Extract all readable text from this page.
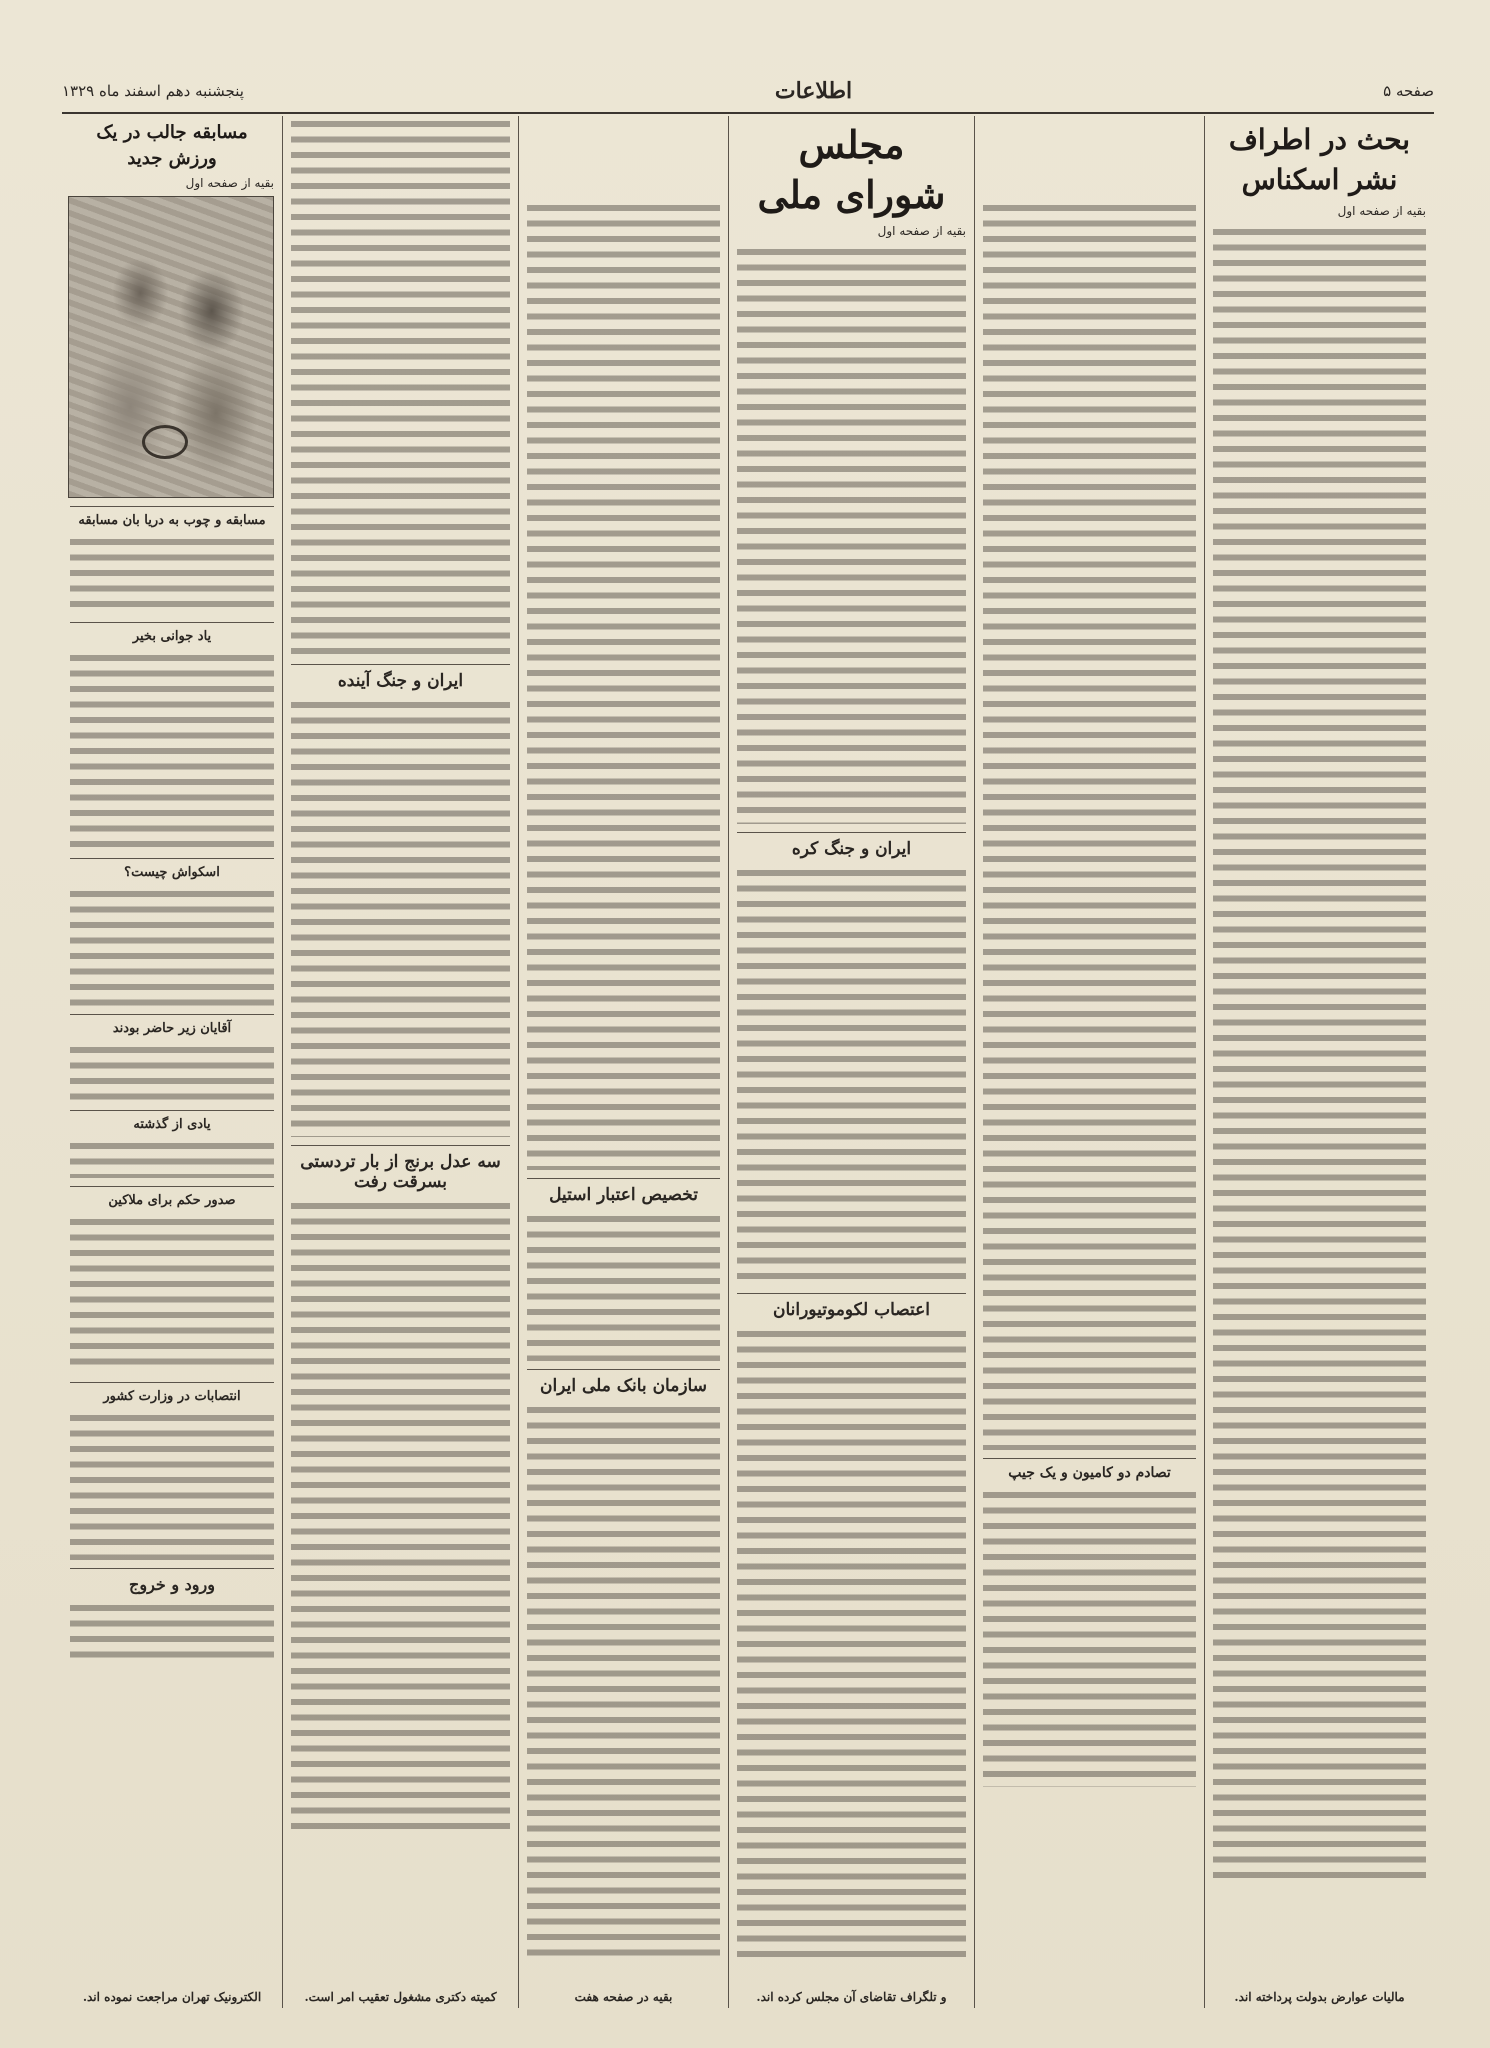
صفحه ۵
اطلاعات
پنجشنبه دهم اسفند ماه ۱۳۲۹
بحث در اطراف نشر اسکناس
بقیه از صفحه اول
ماليات عوارض بدولت پرداخته اند.
تصادم دو کامیون و یک جیپ
مجلس شورای ملی
بقیه از صفحه اول
ایران و جنگ کره
اعتصاب لکوموتیورانان
و تلگراف تقاضای آن مجلس کرده اند.
تخصیص اعتبار استیل
سازمان بانک ملی ایران
بقیه در صفحه هفت
ایران و جنگ آینده
سه عدل برنج از بار تردستی بسرقت رفت
کمیته دکتری مشغول تعقیب امر است.
مسابقه جالب در یک ورزش جدید
بقیه از صفحه اول
مسابقه و چوب به دریا بان مسابقه
یاد جوانی بخیر
اسکواش چیست؟
آقایان زیر حاضر بودند
یادی از گذشته
صدور حکم برای ملاکین
انتصابات در وزارت کشور
ورود و خروج
الکترونیک تهران مراجعت نموده اند.
